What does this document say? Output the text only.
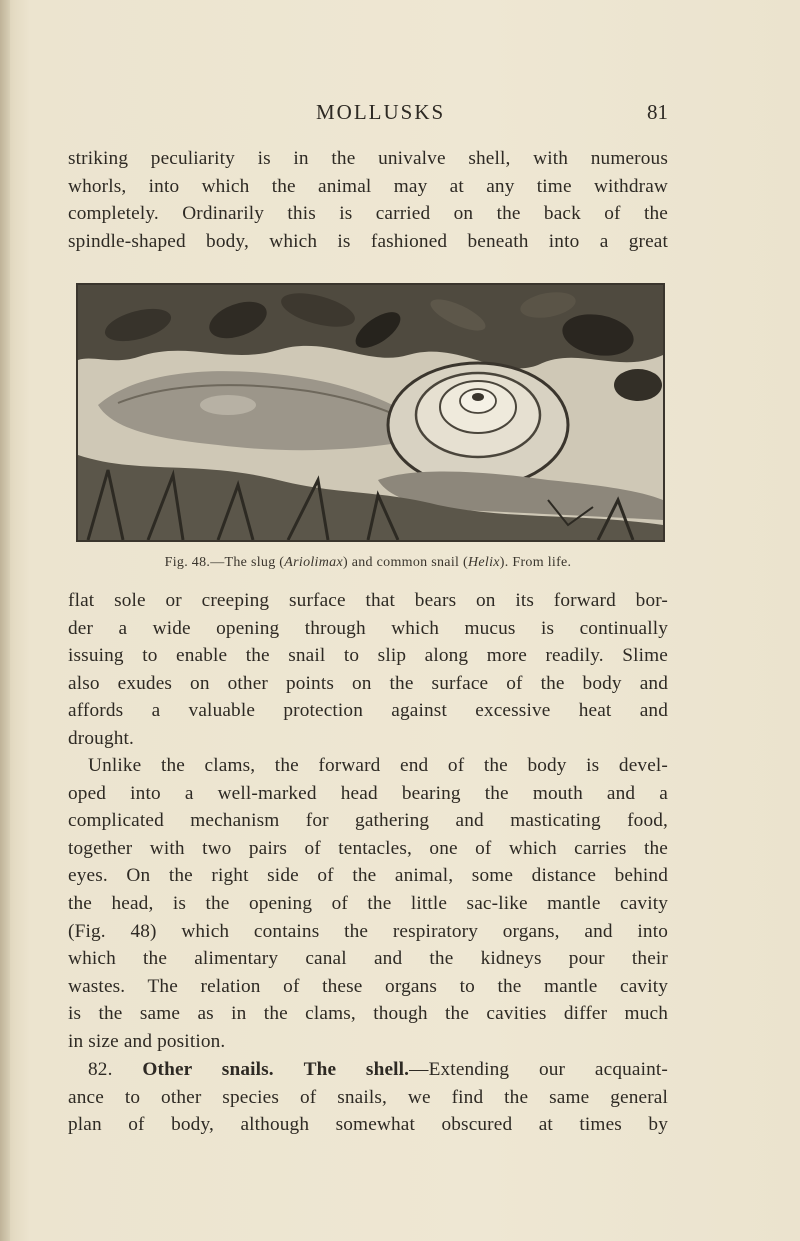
MOLLUSKS	81

striking peculiarity is in the univalve shell, with numerous
whorls, into which the animal may at any time withdraw
completely. Ordinarily this is carried on the back of the
spindle-shaped body, which is fashioned beneath into a great

Fig. 48.—The slug (Ariolimax) and common snail (Helix). From life.

flat sole or creeping surface that bears on its forward bor-
der a wide opening through which mucus is continually
issuing to enable the snail to slip along more readily. Slime
also exudes on other points on the surface of the body and
affords a valuable protection against excessive heat and
drought.

Unlike the clams, the forward end of the body is devel-
oped into a well-marked head bearing the mouth and a
complicated mechanism for gathering and masticating food,
together with two pairs of tentacles, one of which carries the
eyes. On the right side of the animal, some distance behind
the head, is the opening of the little sac-like mantle cavity
(Fig. 48) which contains the respiratory organs, and into
which the alimentary canal and the kidneys pour their
wastes. The relation of these organs to the mantle cavity
is the same as in the clams, though the cavities differ much
in size and position.

82. Other snails. The shell.—Extending our acquaint-
ance to other species of snails, we find the same general
plan of body, although somewhat obscured at times by
